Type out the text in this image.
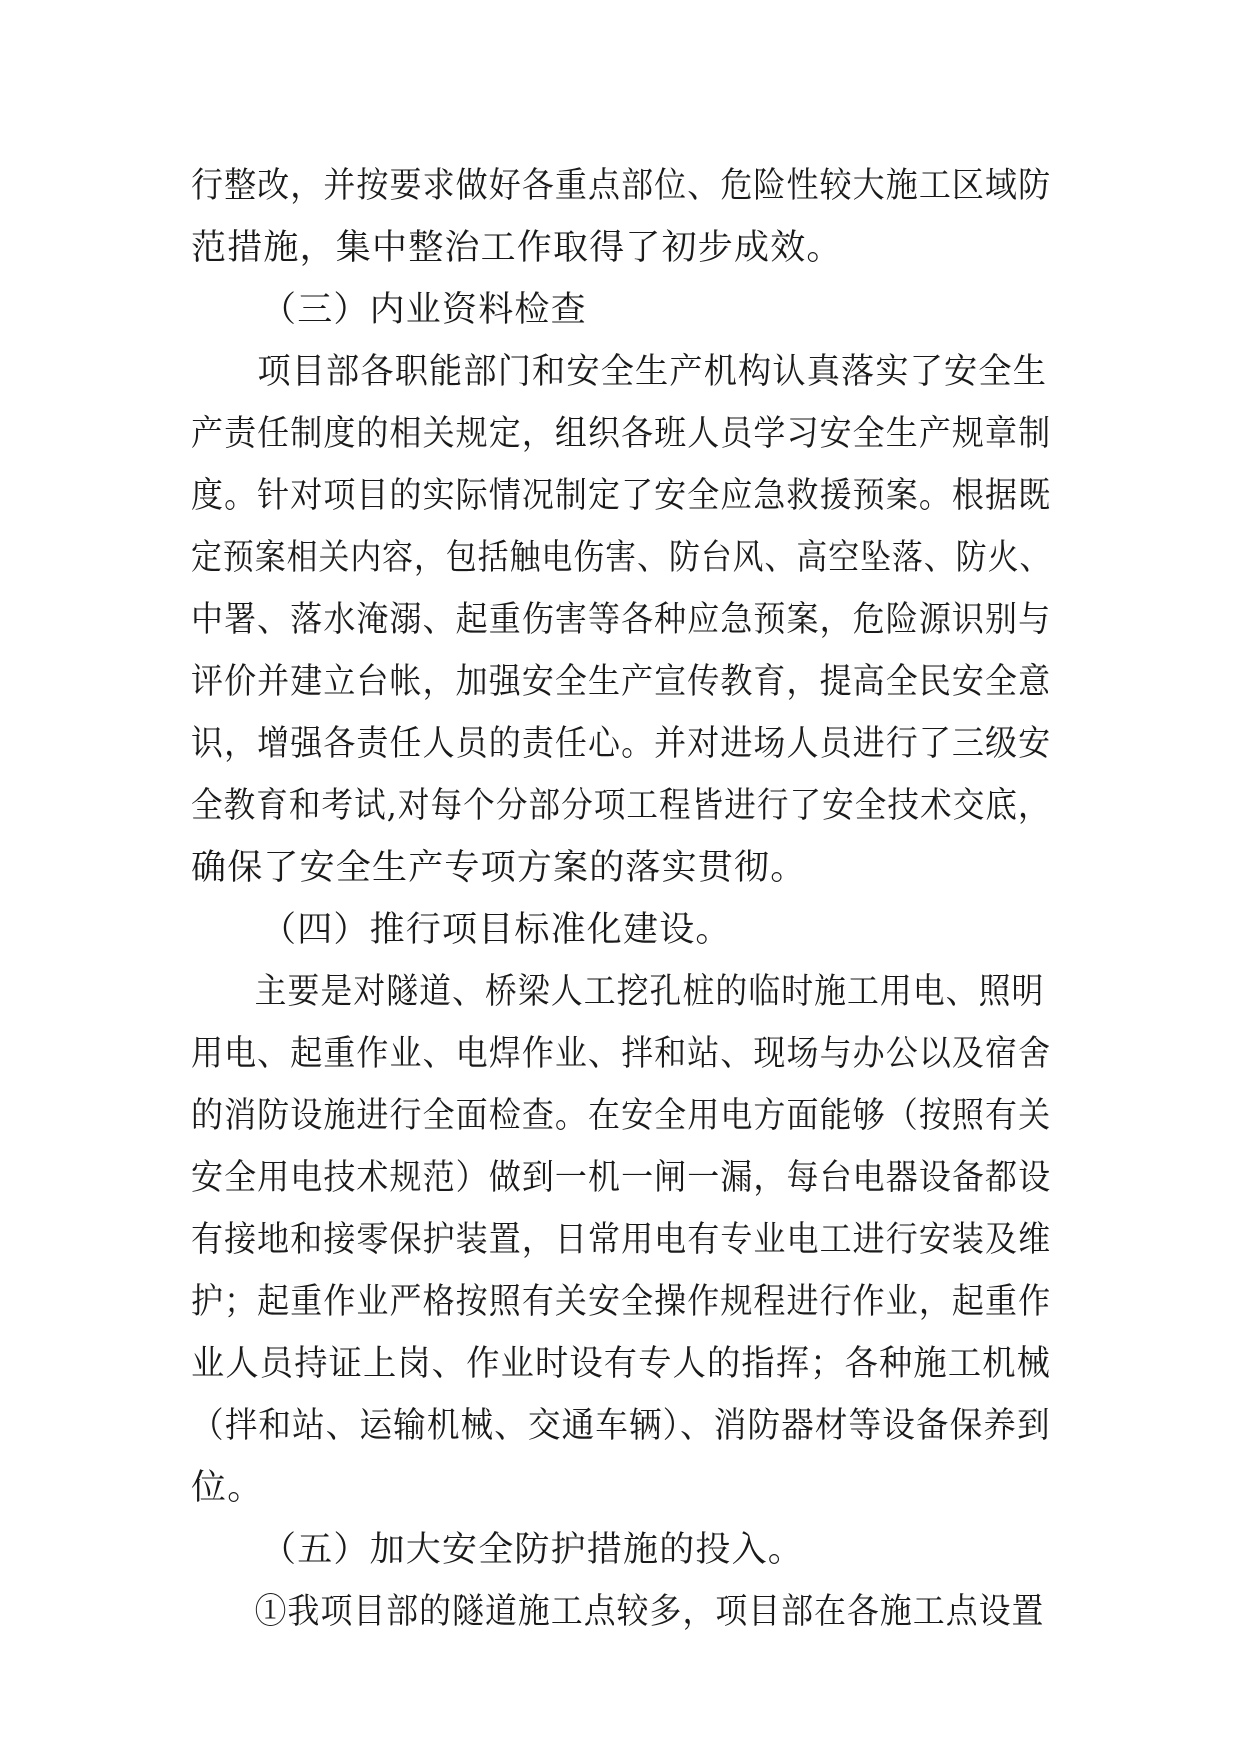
行整改，并按要求做好各重点部位、危险性较大施工区域防
范措施，集中整治工作取得了初步成效。
（三）内业资料检查
项目部各职能部门和安全生产机构认真落实了安全生
产责任制度的相关规定，组织各班人员学习安全生产规章制
度。针对项目的实际情况制定了安全应急救援预案。根据既
定预案相关内容，包括触电伤害、防台风、高空坠落、防火、
中署、落水淹溺、起重伤害等各种应急预案，危险源识别与
评价并建立台帐，加强安全生产宣传教育，提高全民安全意
识，增强各责任人员的责任心。并对进场人员进行了三级安
全教育和考试,对每个分部分项工程皆进行了安全技术交底，
确保了安全生产专项方案的落实贯彻。
（四）推行项目标准化建设。
主要是对隧道、桥梁人工挖孔桩的临时施工用电、照明
用电、起重作业、电焊作业、拌和站、现场与办公以及宿舍
的消防设施进行全面检查。在安全用电方面能够（按照有关
安全用电技术规范）做到一机一闸一漏，每台电器设备都设
有接地和接零保护装置，日常用电有专业电工进行安装及维
护；起重作业严格按照有关安全操作规程进行作业，起重作
业人员持证上岗、作业时设有专人的指挥；各种施工机械
（拌和站、运输机械、交通车辆）、消防器材等设备保养到
位。
（五）加大安全防护措施的投入。
①我项目部的隧道施工点较多，项目部在各施工点设置
